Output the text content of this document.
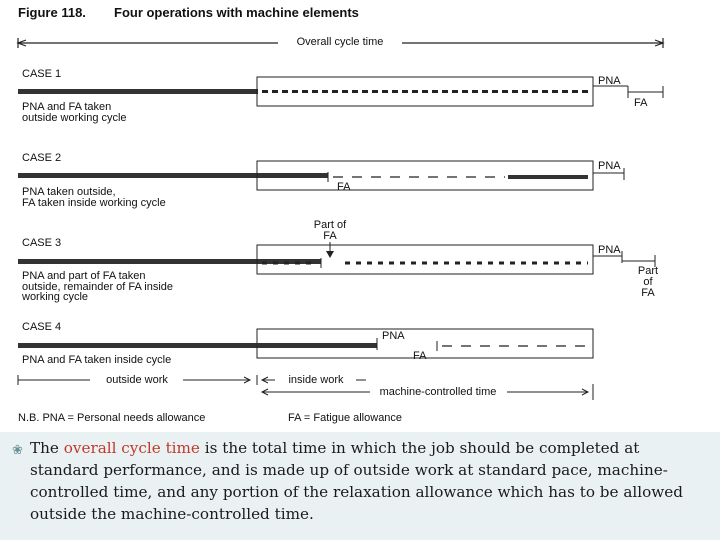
Figure 118. Four operations with machine elements
Overall cycle time
CASE 1
PNA
FA
PNA and FA taken
outside working cycle
CASE 2
FA
PNA
PNA taken outside,
FA taken inside working cycle
Part of
FA
CASE 3
PNA
Part
of
FA
PNA and part of FA taken
outside, remainder of FA inside
working cycle
CASE 4
PNA
FA
PNA and FA taken inside cycle
outside work	inside work
machine-controlled time
N.B. PNA = Personal needs allowance	FA = Fatigue allowance

❀ The overall cycle time is the total time in which the job should be completed at standard performance, and is made up of outside work at standard pace, machine-controlled time, and any portion of the relaxation allowance which has to be allowed outside the machine-controlled time.
